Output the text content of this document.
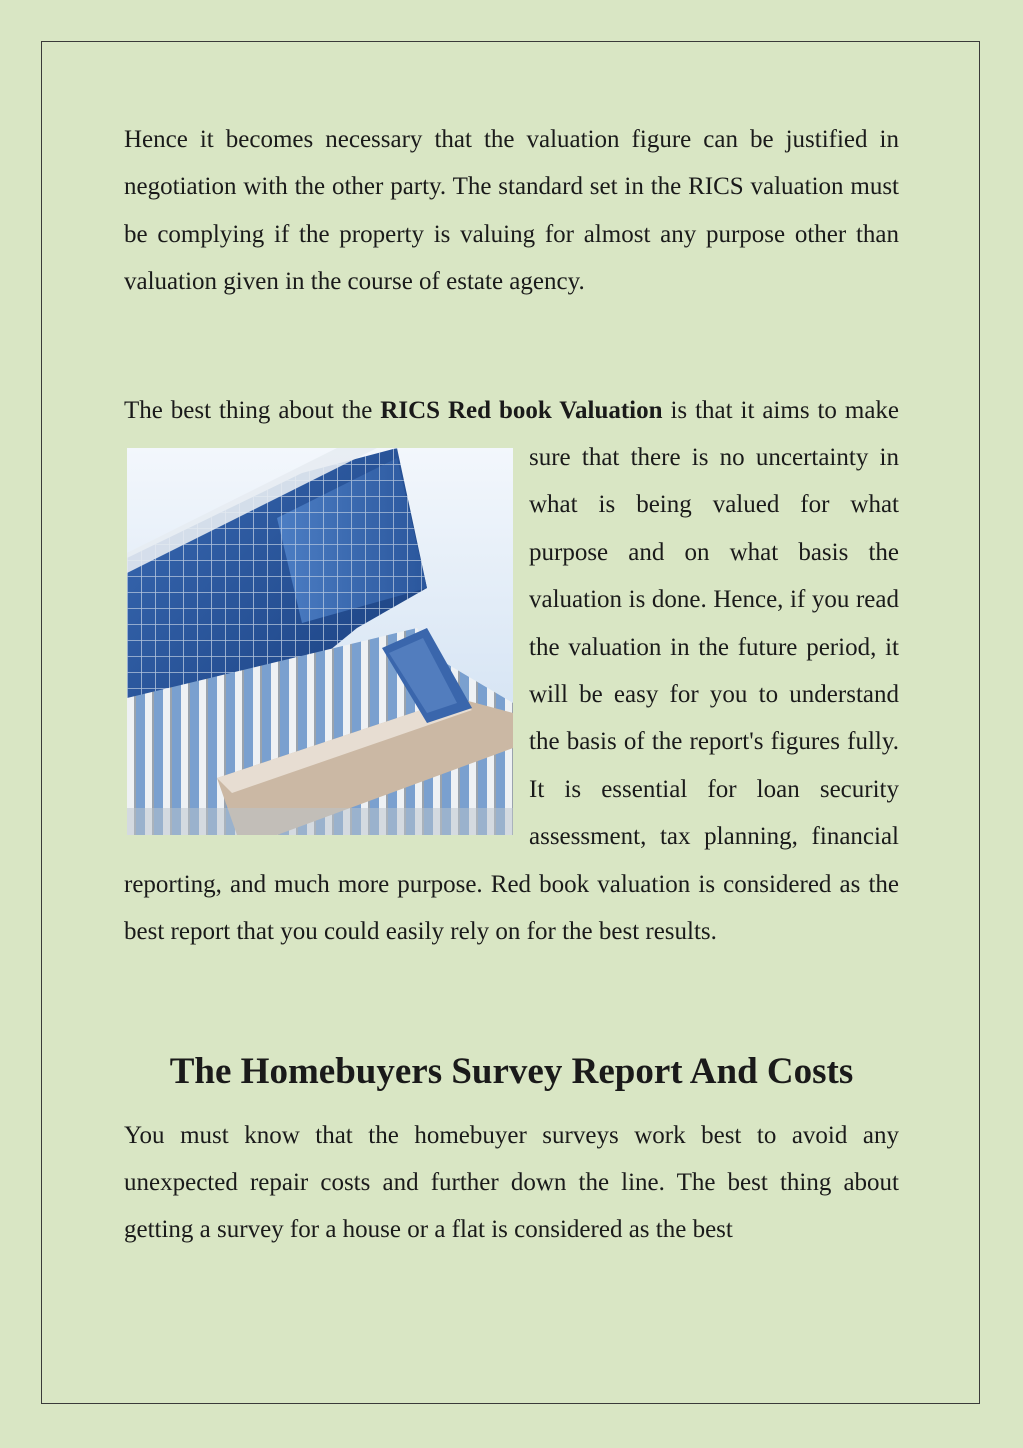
Hence it becomes necessary that the valuation figure can be justified in negotiation with the other party. The standard set in the RICS valuation must be complying if the property is valuing for almost any purpose other than valuation given in the course of estate agency.

The best thing about the RICS Red book Valuation
is that it aims to make sure that there is no uncertainty in what is being valued for what purpose and on what basis the valuation is done. Hence, if you read the valuation in the future period, it will be easy for you to understand the basis of the report's figures fully. It is essential for loan security assessment, tax planning, financial reporting, and much more purpose. Red book valuation is considered as the best report that you could easily rely on for the best results.

The Homebuyers Survey Report And Costs

You must know that the homebuyer surveys work best to avoid any unexpected repair costs and further down the line. The best thing about getting a survey for a house or a flat is considered as the best
